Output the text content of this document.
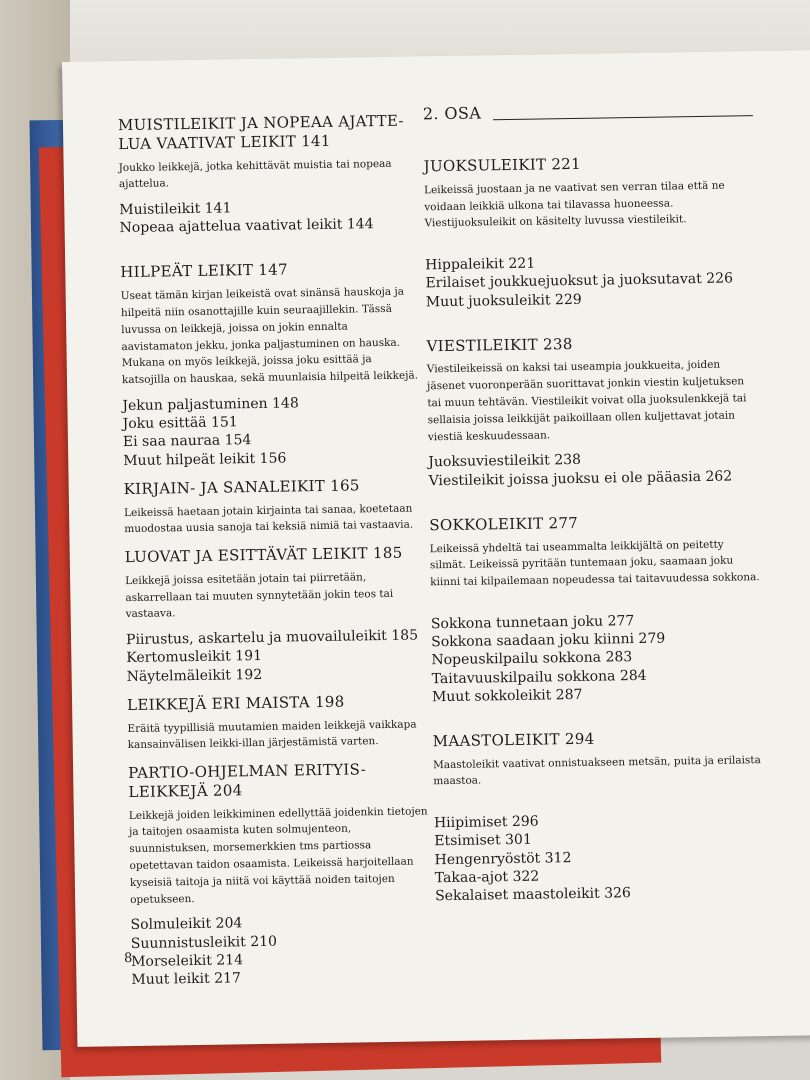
MUISTILEIKIT JA NOPEAA AJATTE- LUA VAATIVAT LEIKIT 141

Joukko leikkejä, jotka kehittävät muistia tai nopeaa ajattelua.

Muistileikit 141

Nopeaa ajattelua vaativat leikit 144

HILPEÄT LEIKIT 147

Useat tämän kirjan leikeistä ovat sinänsä hauskoja ja hilpeitä niin osanottajille kuin seuraajillekin. Tässä luvussa on leikkejä, joissa on jokin ennalta aavistamaton jekku, jonka paljastuminen on hauska. Mukana on myös leikkejä, joissa joku esittää ja katsojilla on hauskaa, sekä muunlaisia hilpeitä leikkejä.

Jekun paljastuminen 148

Joku esittää 151

Ei saa nauraa 154

Muut hilpeät leikit 156

KIRJAIN- JA SANALEIKIT 165

Leikeissä haetaan jotain kirjainta tai sanaa, koetetaan muodostaa uusia sanoja tai keksiä nimiä tai vastaavia.

LUOVAT JA ESITTÄVÄT LEIKIT 185

Leikkejä joissa esitetään jotain tai piirretään, askarrellaan tai muuten synnytetään jokin teos tai vastaava.

Piirustus, askartelu ja muovailuleikit 185

Kertomusleikit 191

Näytelmäleikit 192

LEIKKEJÄ ERI MAISTA 198

Eräitä tyypillisiä muutamien maiden leikkejä vaikkapa kansainvälisen leikki-illan järjestämistä varten.

PARTIO-OHJELMAN ERITYIS- LEIKKEJÄ 204

Leikkejä joiden leikkiminen edellyttää joidenkin tietojen ja taitojen osaamista kuten solmujenteon, suunnistuksen, morsemerkkien tms partiossa opetettavan taidon osaamista. Leikeissä harjoitellaan kyseisiä taitoja ja niitä voi käyttää noiden taitojen opetukseen.

Solmuleikit 204

Suunnistusleikit 210

Morseleikit 214

Muut leikit 217

2. OSA

JUOKSULEIKIT 221

Leikeissä juostaan ja ne vaativat sen verran tilaa että ne voidaan leikkiä ulkona tai tilavassa huoneessa. Viestijuoksuleikit on käsitelty luvussa viestileikit.

Hippaleikit 221

Erilaiset joukkuejuoksut ja juoksutavat 226

Muut juoksuleikit 229

VIESTILEIKIT 238

Viestileikeissä on kaksi tai useampia joukkueita, joiden jäsenet vuoronperään suorittavat jonkin viestin kuljetuksen tai muun tehtävän. Viestileikit voivat olla juoksulenkkejä tai sellaisia joissa leikkijät paikoillaan ollen kuljettavat jotain viestiä keskuudessaan.

Juoksuviestileikit 238

Viestileikit joissa juoksu ei ole pääasia 262

SOKKOLEIKIT 277

Leikeissä yhdeltä tai useammalta leikkijältä on peitetty silmät. Leikeissä pyritään tuntemaan joku, saamaan joku kiinni tai kilpailemaan nopeudessa tai taitavuudessa sokkona.

Sokkona tunnetaan joku 277

Sokkona saadaan joku kiinni 279

Nopeuskilpailu sokkona 283

Taitavuuskilpailu sokkona 284

Muut sokkoleikit 287

MAASTOLEIKIT 294

Maastoleikit vaativat onnistuakseen metsän, puita ja erilaista maastoa.

Hiipimiset 296

Etsimiset 301

Hengenryöstöt 312

Takaa-ajot 322

Sekalaiset maastoleikit 326

8
